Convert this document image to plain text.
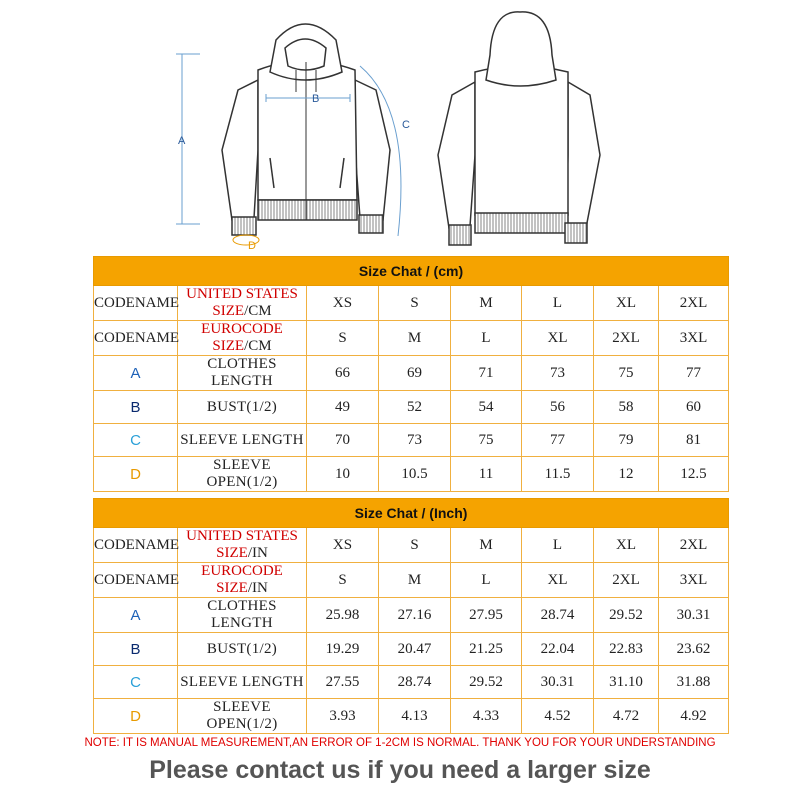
A
B
C
D
Size Chat / (cm)							
CODENAME	UNITED STATES SIZE/CM	XS	S	M	L	XL	2XL
CODENAME	EUROCODE SIZE/CM	S	M	L	XL	2XL	3XL
A	CLOTHES LENGTH	66	69	71	73	75	77
B	BUST(1/2)	49	52	54	56	58	60
C	SLEEVE LENGTH	70	73	75	77	79	81
D	SLEEVE OPEN(1/2)	10	10.5	11	11.5	12	12.5
Size Chat / (Inch)							
CODENAME	UNITED STATES SIZE/IN	XS	S	M	L	XL	2XL
CODENAME	EUROCODE SIZE/IN	S	M	L	XL	2XL	3XL
A	CLOTHES LENGTH	25.98	27.16	27.95	28.74	29.52	30.31
B	BUST(1/2)	19.29	20.47	21.25	22.04	22.83	23.62
C	SLEEVE LENGTH	27.55	28.74	29.52	30.31	31.10	31.88
D	SLEEVE OPEN(1/2)	3.93	4.13	4.33	4.52	4.72	4.92
NOTE: IT IS MANUAL MEASUREMENT,AN ERROR OF 1-2CM IS NORMAL. THANK YOU FOR YOUR UNDERSTANDING
Please contact us if you need a larger size
